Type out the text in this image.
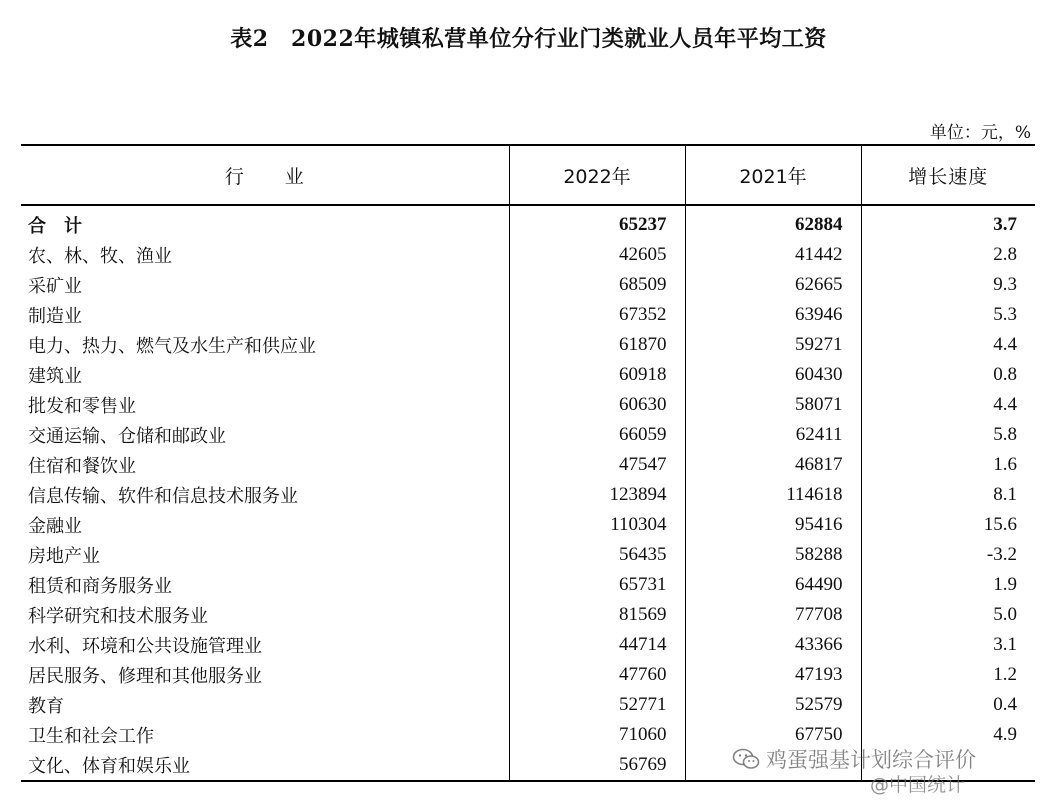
表2　2022年城镇私营单位分行业门类就业人员年平均工资
单位：元，%
行　　业	2022年	2021年	增长速度
合　计	65237	62884	3.7
农、林、牧、渔业	42605	41442	2.8
采矿业	68509	62665	9.3
制造业	67352	63946	5.3
电力、热力、燃气及水生产和供应业	61870	59271	4.4
建筑业	60918	60430	0.8
批发和零售业	60630	58071	4.4
交通运输、仓储和邮政业	66059	62411	5.8
住宿和餐饮业	47547	46817	1.6
信息传输、软件和信息技术服务业	123894	114618	8.1
金融业	110304	95416	15.6
房地产业	56435	58288	-3.2
租赁和商务服务业	65731	64490	1.9
科学研究和技术服务业	81569	77708	5.0
水利、环境和公共设施管理业	44714	43366	3.1
居民服务、修理和其他服务业	47760	47193	1.2
教育	52771	52579	0.4
卫生和社会工作	71060	67750	4.9
文化、体育和娱乐业	56769			鸡蛋强基计划综合评价
@中国统计
